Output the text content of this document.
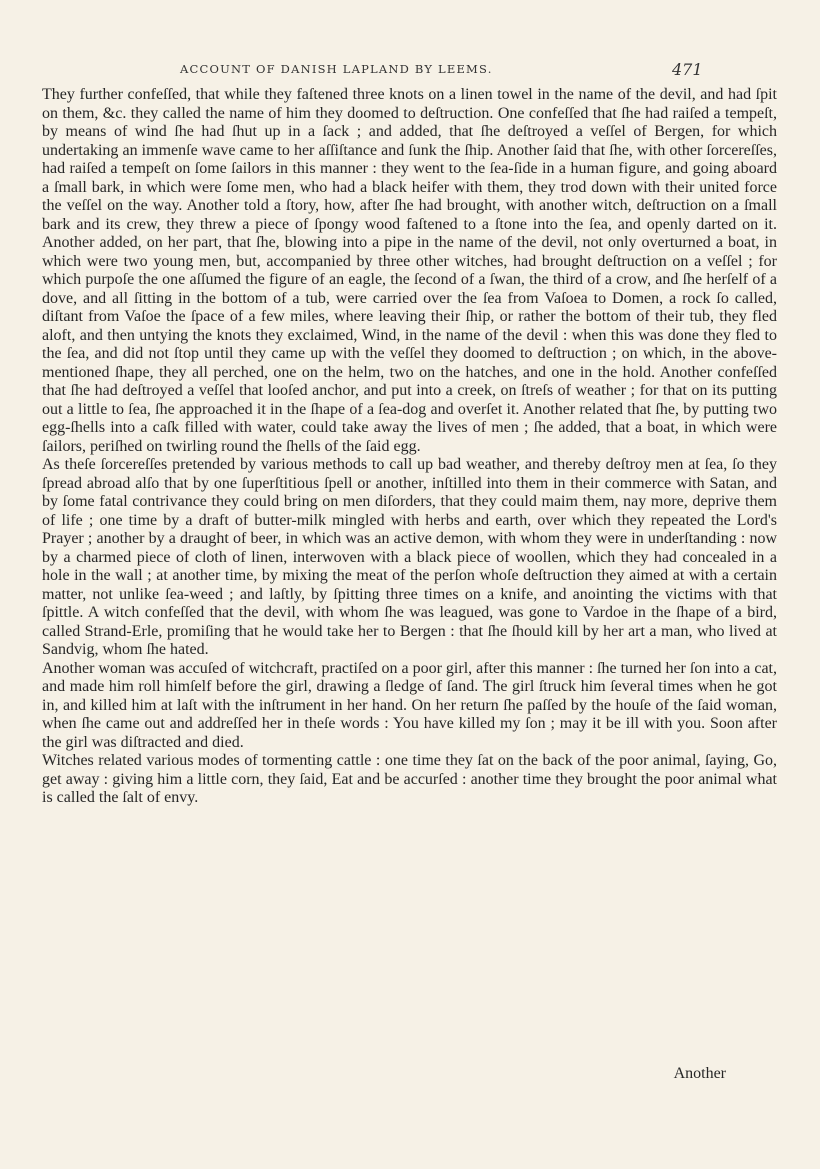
ACCOUNT OF DANISH LAPLAND BY LEEMS.	471

They further confeſſed, that while they faſtened three knots on a linen towel in the name of the devil, and had ſpit on them, &c. they called the name of him they doomed to deſtruction. One confeſſed that ſhe had raiſed a tempeſt, by means of wind ſhe had ſhut up in a ſack ; and added, that ſhe deſtroyed a veſſel of Bergen, for which undertaking an immenſe wave came to her aſſiſtance and ſunk the ſhip. Another ſaid that ſhe, with other ſorcereſſes, had raiſed a tempeſt on ſome ſailors in this manner : they went to the ſea-ſide in a human figure, and going aboard a ſmall bark, in which were ſome men, who had a black heifer with them, they trod down with their united force the veſſel on the way. Another told a ſtory, how, after ſhe had brought, with another witch, deſtruction on a ſmall bark and its crew, they threw a piece of ſpongy wood faſtened to a ſtone into the ſea, and openly darted on it. Another added, on her part, that ſhe, blowing into a pipe in the name of the devil, not only overturned a boat, in which were two young men, but, accompanied by three other witches, had brought deſtruction on a veſſel ; for which purpoſe the one aſſumed the figure of an eagle, the ſecond of a ſwan, the third of a crow, and ſhe herſelf of a dove, and all ſitting in the bottom of a tub, were carried over the ſea from Vaſoea to Domen, a rock ſo called, diſtant from Vaſoe the ſpace of a few miles, where leaving their ſhip, or rather the bottom of their tub, they fled aloft, and then untying the knots they exclaimed, Wind, in the name of the devil : when this was done they fled to the ſea, and did not ſtop until they came up with the veſſel they doomed to deſtruction ; on which, in the above-mentioned ſhape, they all perched, one on the helm, two on the hatches, and one in the hold. Another confeſſed that ſhe had deſtroyed a veſſel that looſed anchor, and put into a creek, on ſtreſs of weather ; for that on its putting out a little to ſea, ſhe approached it in the ſhape of a ſea-dog and overſet it. Another related that ſhe, by putting two egg-ſhells into a caſk filled with water, could take away the lives of men ; ſhe added, that a boat, in which were ſailors, periſhed on twirling round the ſhells of the ſaid egg.

As theſe ſorcereſſes pretended by various methods to call up bad weather, and thereby deſtroy men at ſea, ſo they ſpread abroad alſo that by one ſuperſtitious ſpell or another, inſtilled into them in their commerce with Satan, and by ſome fatal contrivance they could bring on men diſorders, that they could maim them, nay more, deprive them of life ; one time by a draft of butter-milk mingled with herbs and earth, over which they repeated the Lord's Prayer ; another by a draught of beer, in which was an active demon, with whom they were in underſtanding : now by a charmed piece of cloth of linen, interwoven with a black piece of woollen, which they had concealed in a hole in the wall ; at another time, by mixing the meat of the perſon whoſe deſtruction they aimed at with a certain matter, not unlike ſea-weed ; and laſtly, by ſpitting three times on a knife, and anointing the victims with that ſpittle. A witch confeſſed that the devil, with whom ſhe was leagued, was gone to Vardoe in the ſhape of a bird, called Strand-Erle, promiſing that he would take her to Bergen : that ſhe ſhould kill by her art a man, who lived at Sandvig, whom ſhe hated.

Another woman was accuſed of witchcraft, practiſed on a poor girl, after this manner : ſhe turned her ſon into a cat, and made him roll himſelf before the girl, drawing a ſledge of ſand. The girl ſtruck him ſeveral times when he got in, and killed him at laſt with the inſtrument in her hand. On her return ſhe paſſed by the houſe of the ſaid woman, when ſhe came out and addreſſed her in theſe words : You have killed my ſon ; may it be ill with you. Soon after the girl was diſtracted and died.

Witches related various modes of tormenting cattle : one time they ſat on the back of the poor animal, ſaying, Go, get away : giving him a little corn, they ſaid, Eat and be accurſed : another time they brought the poor animal what is called the ſalt of envy.

Another
